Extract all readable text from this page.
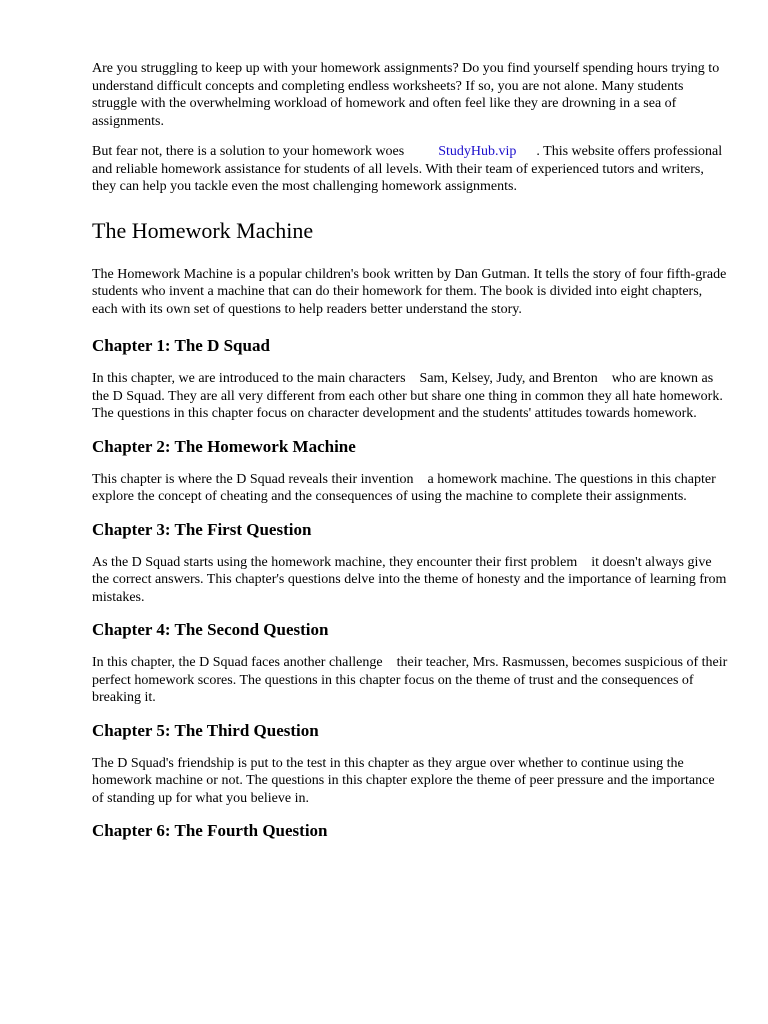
Are you struggling to keep up with your homework assignments? Do you find yourself spending hours trying to understand difficult concepts and completing endless worksheets? If so, you are not alone. Many students struggle with the overwhelming workload of homework and often feel like they are drowning in a sea of assignments.

But fear not, there is a solution to your homework woes StudyHub.vip . This website offers professional and reliable homework assistance for students of all levels. With their team of experienced tutors and writers, they can help you tackle even the most challenging homework assignments.

The Homework Machine

The Homework Machine is a popular children's book written by Dan Gutman. It tells the story of four fifth-grade students who invent a machine that can do their homework for them. The book is divided into eight chapters, each with its own set of questions to help readers better understand the story.

Chapter 1: The D Squad

In this chapter, we are introduced to the main characters Sam, Kelsey, Judy, and Brenton who are known as the D Squad. They are all very different from each other but share one thing in common they all hate homework. The questions in this chapter focus on character development and the students' attitudes towards homework.

Chapter 2: The Homework Machine

This chapter is where the D Squad reveals their invention a homework machine. The questions in this chapter explore the concept of cheating and the consequences of using the machine to complete their assignments.

Chapter 3: The First Question

As the D Squad starts using the homework machine, they encounter their first problem it doesn't always give the correct answers. This chapter's questions delve into the theme of honesty and the importance of learning from mistakes.

Chapter 4: The Second Question

In this chapter, the D Squad faces another challenge their teacher, Mrs. Rasmussen, becomes suspicious of their perfect homework scores. The questions in this chapter focus on the theme of trust and the consequences of breaking it.

Chapter 5: The Third Question

The D Squad's friendship is put to the test in this chapter as they argue over whether to continue using the homework machine or not. The questions in this chapter explore the theme of peer pressure and the importance of standing up for what you believe in.

Chapter 6: The Fourth Question
